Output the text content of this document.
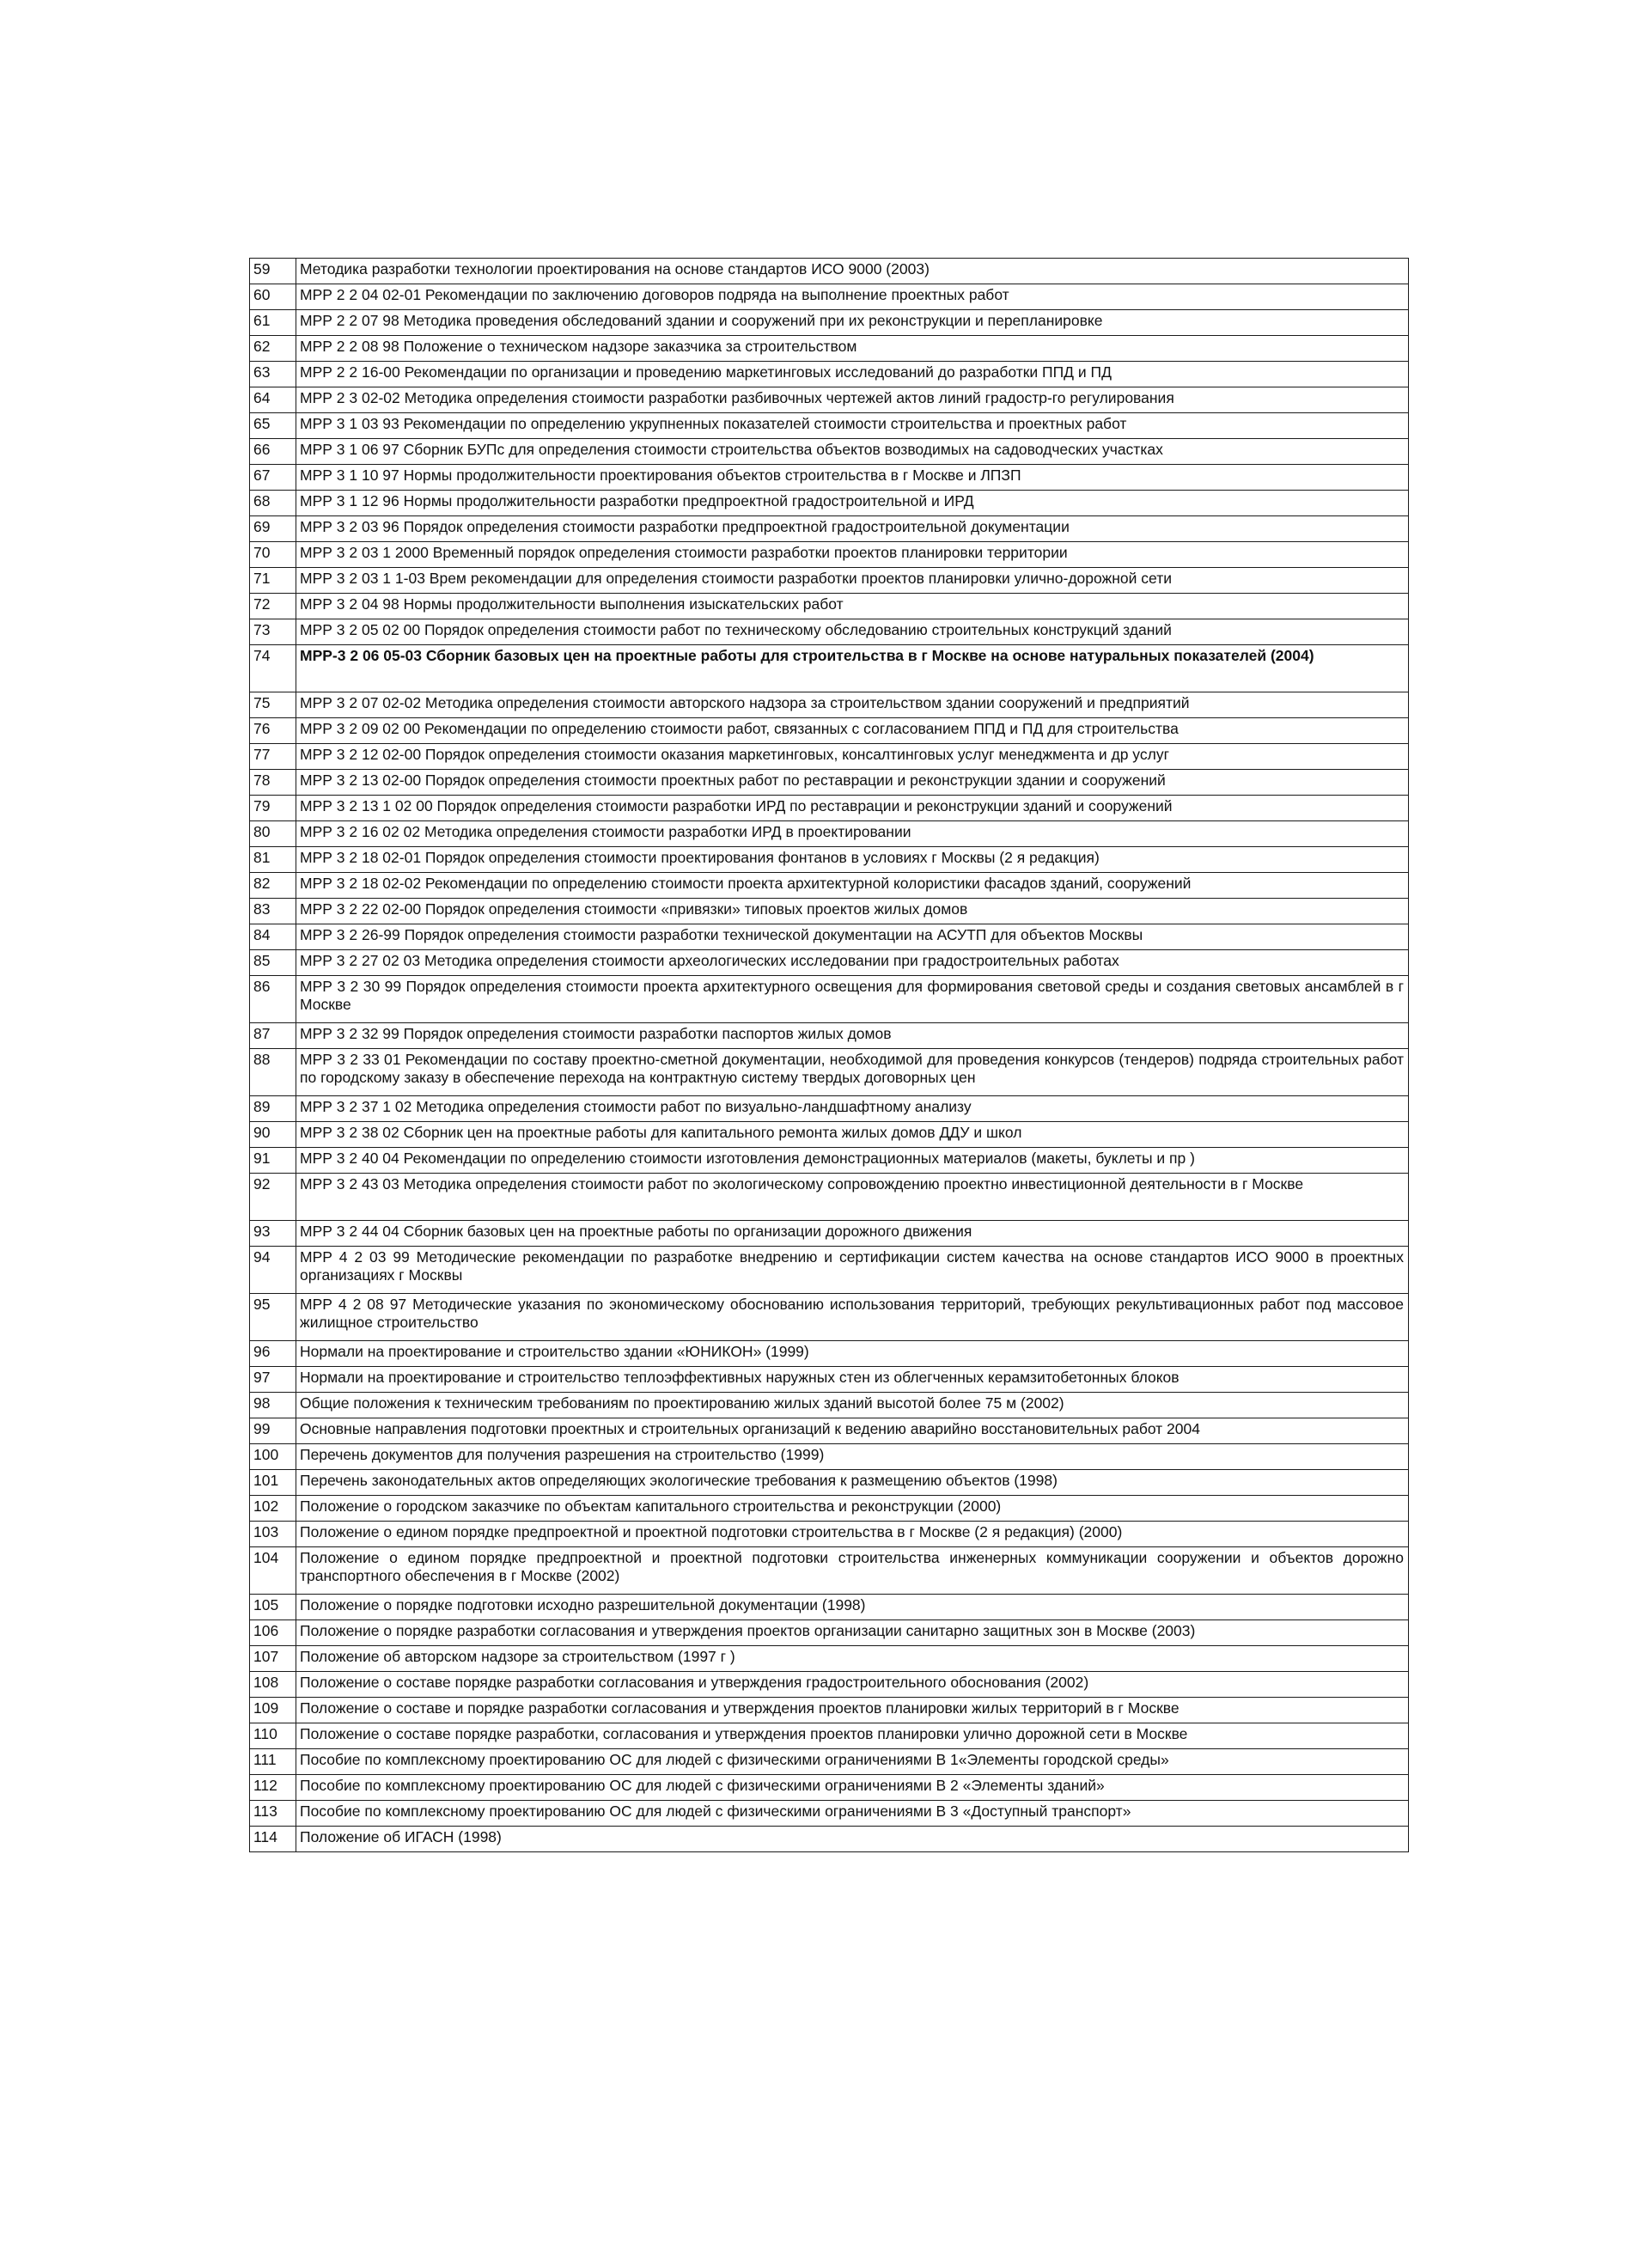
59	Методика разработки технологии проектирования на основе стандартов ИСО 9000 (2003)
60	МРР 2 2 04 02-01 Рекомендации по заключению договоров подряда на выполнение проектных работ
61	МРР 2 2 07 98 Методика проведения обследований здании и сооружений при их реконструкции и перепланировке
62	МРР 2 2 08 98 Положение о техническом надзоре заказчика за строительством
63	МРР 2 2 16-00 Рекомендации по организации и проведению маркетинговых исследований до разработки ППД и ПД
64	МРР 2 3 02-02 Методика определения стоимости разработки разбивочных чертежей актов линий градостр-го регулирования
65	МРР 3 1 03 93 Рекомендации по определению укрупненных показателей стоимости строительства и проектных работ
66	МРР 3 1 06 97 Сборник БУПс для определения стоимости строительства объектов возводимых на садоводческих участках
67	МРР 3 1 10 97 Нормы продолжительности проектирования объектов строительства в г Москве и ЛПЗП
68	МРР 3 1 12 96 Нормы продолжительности разработки предпроектной градостроительной и ИРД
69	МРР 3 2 03 96 Порядок определения стоимости разработки предпроектной градостроительной документации
70	МРР 3 2 03 1 2000 Временный порядок определения стоимости разработки проектов планировки территории
71	МРР 3 2 03 1 1-03 Врем рекомендации для определения стоимости разработки проектов планировки улично-дорожной сети
72	МРР 3 2 04 98 Нормы продолжительности выполнения изыскательских работ
73	МРР 3 2 05 02 00 Порядок определения стоимости работ по техническому обследованию строительных конструкций зданий
74	МРР-3 2 06 05-03 Сборник базовых цен на проектные работы для строительства в г Москве на основе натуральных показателей (2004)
75	МРР 3 2 07 02-02 Методика определения стоимости авторского надзора за строительством здании сооружений и предприятий
76	МРР 3 2 09 02 00 Рекомендации по определению стоимости работ, связанных с согласованием ППД и ПД для строительства
77	МРР 3 2 12 02-00 Порядок определения стоимости оказания маркетинговых, консалтинговых услуг менеджмента и др услуг
78	МРР 3 2 13 02-00 Порядок определения стоимости проектных работ по реставрации и реконструкции здании и сооружений
79	МРР 3 2 13 1 02 00 Порядок определения стоимости разработки ИРД по реставрации и реконструкции зданий и сооружений
80	МРР 3 2 16 02 02 Методика определения стоимости разработки ИРД в проектировании
81	МРР 3 2 18 02-01 Порядок определения стоимости проектирования фонтанов в условиях г Москвы (2 я редакция)
82	МРР 3 2 18 02-02 Рекомендации по определению стоимости проекта архитектурной колористики фасадов зданий, сооружений
83	МРР 3 2 22 02-00 Порядок определения стоимости «привязки» типовых проектов жилых домов
84	МРР 3 2 26-99 Порядок определения стоимости разработки технической документации на АСУТП для объектов Москвы
85	МРР 3 2 27 02 03 Методика определения стоимости археологических исследовании при градостроительных работах
86	МРР 3 2 30 99 Порядок определения стоимости проекта архитектурного освещения для формирования световой среды и создания световых ансамблей в г Москве
87	МРР 3 2 32 99 Порядок определения стоимости разработки паспортов жилых домов
88	МРР 3 2 33 01 Рекомендации по составу проектно-сметной документации, необходимой для проведения конкурсов (тендеров) подряда строительных работ по городскому заказу в обеспечение перехода на контрактную систему твердых договорных цен
89	МРР 3 2 37 1 02 Методика определения стоимости работ по визуально-ландшафтному анализу
90	МРР 3 2 38 02 Сборник цен на проектные работы для капитального ремонта жилых домов ДДУ и школ
91	МРР 3 2 40 04 Рекомендации по определению стоимости изготовления демонстрационных материалов (макеты, буклеты и пр )
92	МРР 3 2 43 03 Методика определения стоимости работ по экологическому сопровождению проектно инвестиционной деятельности в г Москве
93	МРР 3 2 44 04 Сборник базовых цен на проектные работы по организации дорожного движения
94	МРР 4 2 03 99 Методические рекомендации по разработке внедрению и сертификации систем качества на основе стандартов ИСО 9000 в проектных организациях г Москвы
95	МРР 4 2 08 97 Методические указания по экономическому обоснованию использования территорий, требующих рекультивационных работ под массовое жилищное строительство
96	Нормали на проектирование и строительство здании «ЮНИКОН» (1999)
97	Нормали на проектирование и строительство теплоэффективных наружных стен из облегченных керамзитобетонных блоков
98	Общие положения к техническим требованиям по проектированию жилых зданий высотой более 75 м (2002)
99	Основные направления подготовки проектных и строительных организаций к ведению аварийно восстановительных работ 2004
100	Перечень документов для получения разрешения на строительство (1999)
101	Перечень законодательных актов определяющих экологические требования к размещению объектов (1998)
102	Положение о городском заказчике по объектам капитального строительства и реконструкции (2000)
103	Положение о едином порядке предпроектной и проектной подготовки строительства в г Москве (2 я редакция) (2000)
104	Положение о едином порядке предпроектной и проектной подготовки строительства инженерных коммуникации сооружении и объектов дорожно транспортного обеспечения в г Москве (2002)
105	Положение о порядке подготовки исходно разрешительной документации (1998)
106	Положение о порядке разработки согласования и утверждения проектов организации санитарно защитных зон в Москве (2003)
107	Положение об авторском надзоре за строительством (1997 г )
108	Положение о составе порядке разработки согласования и утверждения градостроительного обоснования (2002)
109	Положение о составе и порядке разработки согласования и утверждения проектов планировки жилых территорий в г Москве
110	Положение о составе порядке разработки, согласования и утверждения проектов планировки улично дорожной сети в Москве
111	Пособие по комплексному проектированию ОС для людей с физическими ограничениями В 1«Элементы городской среды»
112	Пособие по комплексному проектированию ОС для людей с физическими ограничениями В 2 «Элементы зданий»
113	Пособие по комплексному проектированию ОС для людей с физическими ограничениями В 3 «Доступный транспорт»
114	Положение об ИГАСН (1998)
